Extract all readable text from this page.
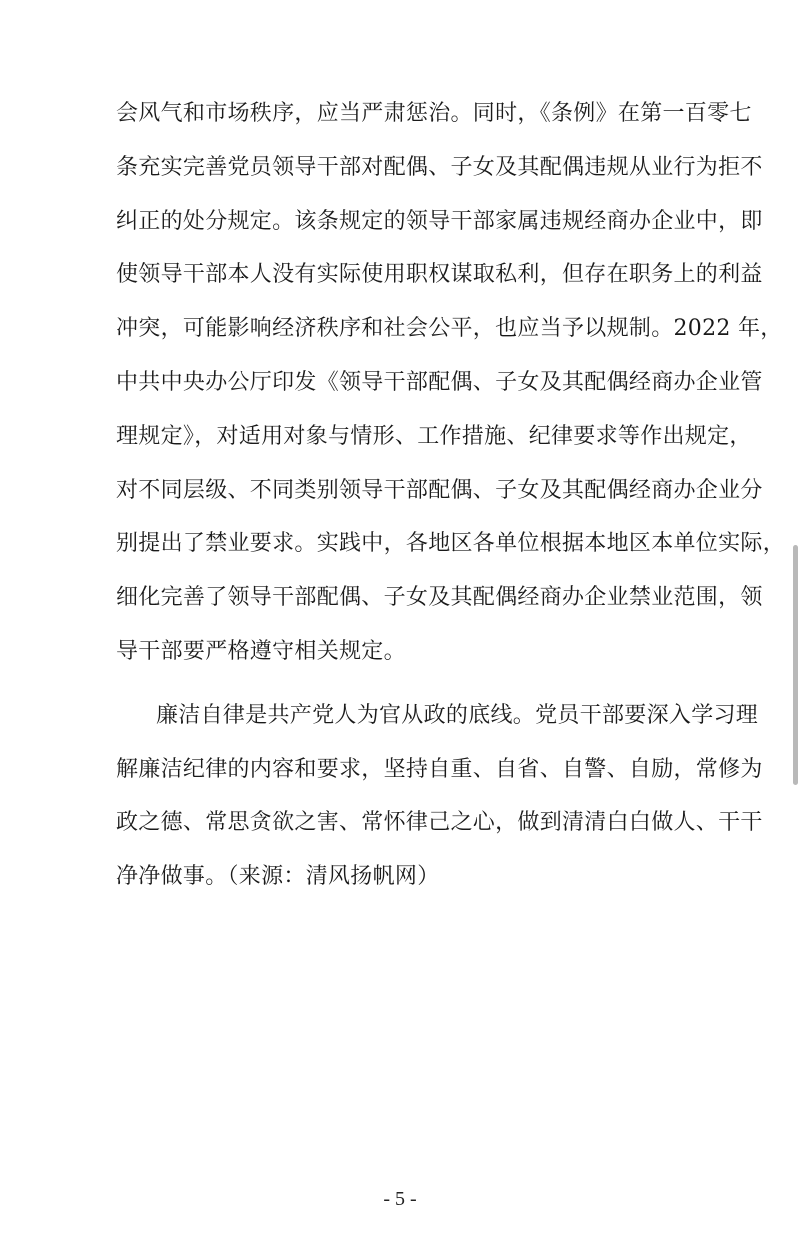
会风气和市场秩序，应当严肃惩治。同时，《条例》在第一百零七
条充实完善党员领导干部对配偶、子女及其配偶违规从业行为拒不
纠正的处分规定。该条规定的领导干部家属违规经商办企业中，即
使领导干部本人没有实际使用职权谋取私利，但存在职务上的利益
冲突，可能影响经济秩序和社会公平，也应当予以规制。2022 年，
中共中央办公厅印发《领导干部配偶、子女及其配偶经商办企业管
理规定》，对适用对象与情形、工作措施、纪律要求等作出规定，
对不同层级、不同类别领导干部配偶、子女及其配偶经商办企业分
别提出了禁业要求。实践中，各地区各单位根据本地区本单位实际，
细化完善了领导干部配偶、子女及其配偶经商办企业禁业范围，领
导干部要严格遵守相关规定。
廉洁自律是共产党人为官从政的底线。党员干部要深入学习理
解廉洁纪律的内容和要求，坚持自重、自省、自警、自励，常修为
政之德、常思贪欲之害、常怀律己之心，做到清清白白做人、干干
净净做事。（来源：清风扬帆网）
- 5 -
